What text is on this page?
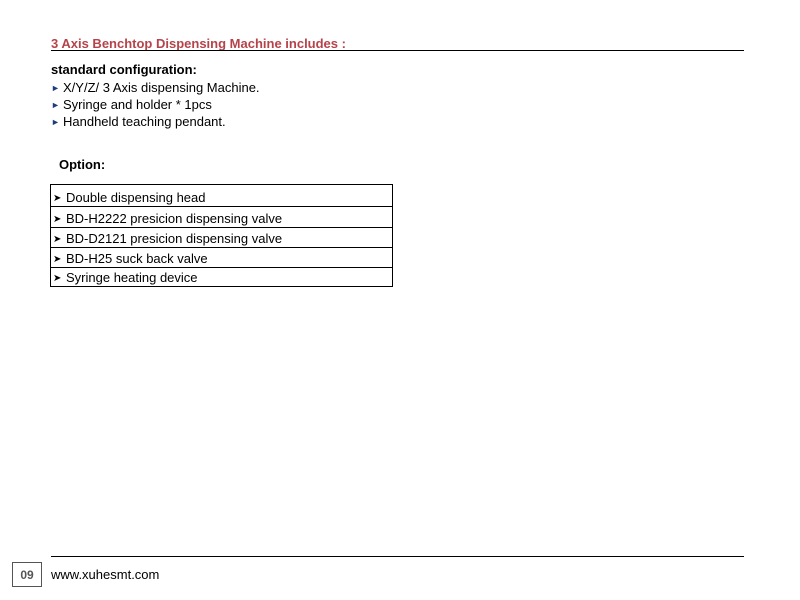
3 Axis Benchtop Dispensing Machine includes :
standard configuration:
► X/Y/Z/ 3 Axis dispensing Machine.
► Syringe and holder * 1pcs
► Handheld teaching pendant.
Option:
➤ Double dispensing head
➤ BD-H2222 presicion dispensing valve
➤ BD-D2121 presicion dispensing valve
➤ BD-H25 suck back valve
➤ Syringe heating device
09	www.xuhesmt.com
